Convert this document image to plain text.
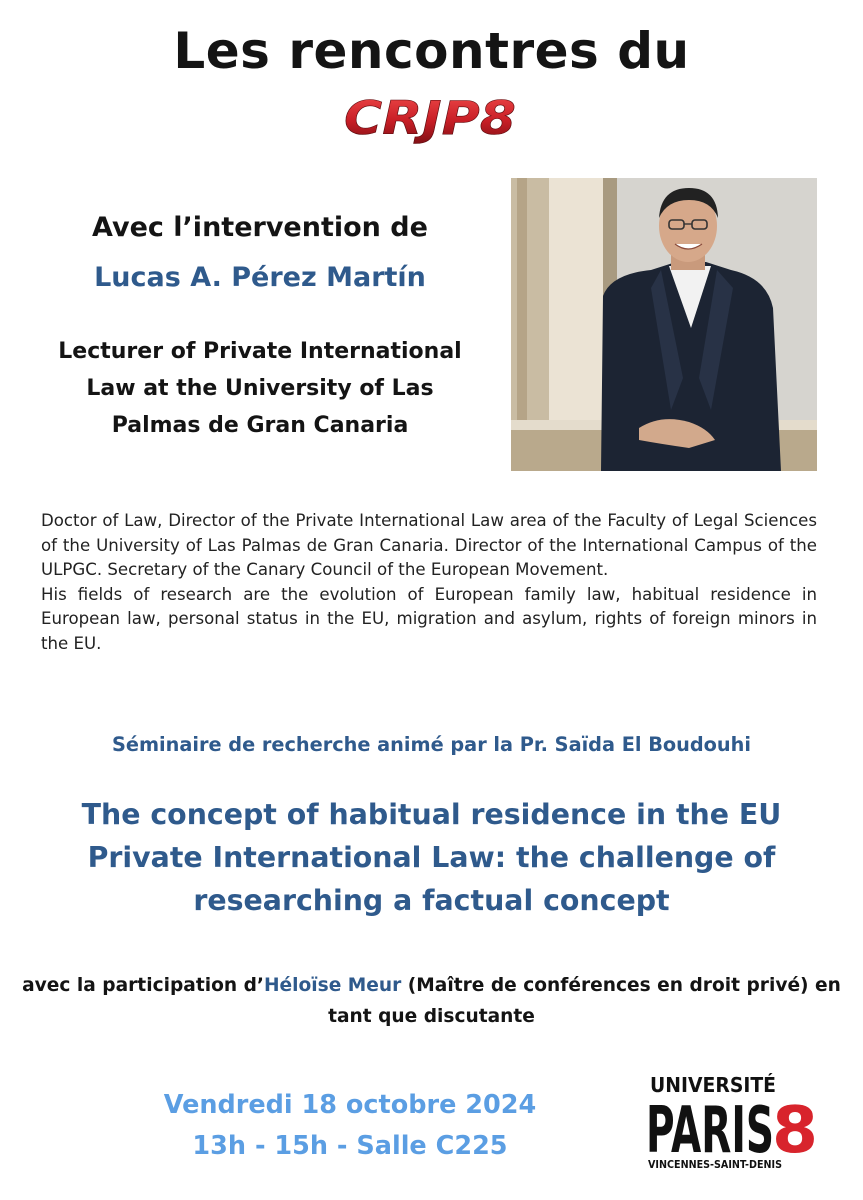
Les rencontres du
CRJP8
Avec l’intervention de
Lucas A. Pérez Martín
Lecturer of Private International Law at the University of Las Palmas de Gran Canaria

Doctor of Law, Director of the Private International Law area of the Faculty of Legal Sciences of the University of Las Palmas de Gran Canaria. Director of the International Campus of the ULPGC. Secretary of the Canary Council of the European Movement.

His fields of research are the evolution of European family law, habitual residence in European law, personal status in the EU, migration and asylum, rights of foreign minors in the EU.

Séminaire de recherche animé par la Pr. Saïda El Boudouhi
The concept of habitual residence in the EU Private International Law: the challenge of researching a factual concept
avec la participation d’Héloïse Meur (Maître de conférences en droit privé) en tant que discutante
Vendredi 18 octobre 2024
13h - 15h - Salle C225
UNIVERSITÉ
PARIS
8
VINCENNES-SAINT-DENIS
